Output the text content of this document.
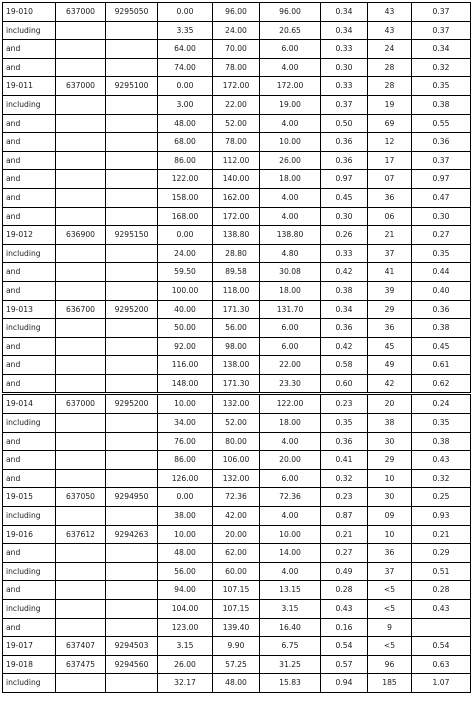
19-010	637000	9295050	0.00	96.00	96.00	0.34	43	0.37
including			3.35	24.00	20.65	0.34	43	0.37
and			64.00	70.00	6.00	0.33	24	0.34
and			74.00	78.00	4.00	0.30	28	0.32
19-011	637000	9295100	0.00	172.00	172.00	0.33	28	0.35
including			3.00	22.00	19.00	0.37	19	0.38
and			48.00	52.00	4.00	0.50	69	0.55
and			68.00	78.00	10.00	0.36	12	0.36
and			86.00	112.00	26.00	0.36	17	0.37
and			122.00	140.00	18.00	0.97	07	0.97
and			158.00	162.00	4.00	0.45	36	0.47
and			168.00	172.00	4.00	0.30	06	0.30
19-012	636900	9295150	0.00	138.80	138.80	0.26	21	0.27
including			24.00	28.80	4.80	0.33	37	0.35
and			59.50	89.58	30.08	0.42	41	0.44
and			100.00	118.00	18.00	0.38	39	0.40
19-013	636700	9295200	40.00	171.30	131.70	0.34	29	0.36
including			50.00	56.00	6.00	0.36	36	0.38
and			92.00	98.00	6.00	0.42	45	0.45
and			116.00	138.00	22.00	0.58	49	0.61
and			148.00	171.30	23.30	0.60	42	0.62
19-014	637000	9295200	10.00	132.00	122.00	0.23	20	0.24
including			34.00	52.00	18.00	0.35	38	0.35
and			76.00	80.00	4.00	0.36	30	0.38
and			86.00	106.00	20.00	0.41	29	0.43
and			126.00	132.00	6.00	0.32	10	0.32
19-015	637050	9294950	0.00	72.36	72.36	0.23	30	0.25
including			38.00	42.00	4.00	0.87	09	0.93
19-016	637612	9294263	10.00	20.00	10.00	0.21	10	0.21
and			48.00	62.00	14.00	0.27	36	0.29
including			56.00	60.00	4.00	0.49	37	0.51
and			94.00	107.15	13.15	0.28	<5	0.28
including			104.00	107.15	3.15	0.43	<5	0.43
and			123.00	139.40	16.40	0.16	9	
19-017	637407	9294503	3.15	9.90	6.75	0.54	<5	0.54
19-018	637475	9294560	26.00	57.25	31.25	0.57	96	0.63
including			32.17	48.00	15.83	0.94	185	1.07
